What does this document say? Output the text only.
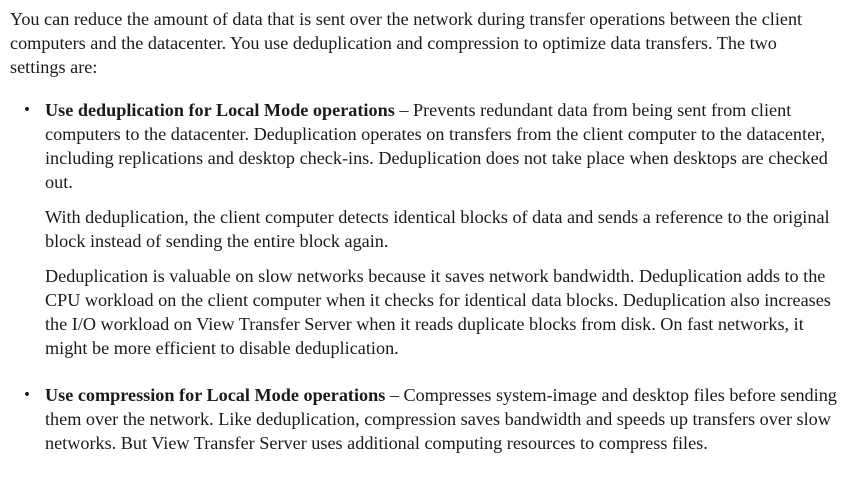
You can reduce the amount of data that is sent over the network during transfer operations between the client computers and the datacenter. You use deduplication and compression to optimize data transfers. The two settings are:

• Use deduplication for Local Mode operations – Prevents redundant data from being sent from client computers to the datacenter. Deduplication operates on transfers from the client computer to the datacenter, including replications and desktop check-ins. Deduplication does not take place when desktops are checked out.

With deduplication, the client computer detects identical blocks of data and sends a reference to the original block instead of sending the entire block again.

Deduplication is valuable on slow networks because it saves network bandwidth. Deduplication adds to the CPU workload on the client computer when it checks for identical data blocks. Deduplication also increases the I/O workload on View Transfer Server when it reads duplicate blocks from disk. On fast networks, it might be more efficient to disable deduplication.

• Use compression for Local Mode operations – Compresses system-image and desktop files before sending them over the network. Like deduplication, compression saves bandwidth and speeds up transfers over slow networks. But View Transfer Server uses additional computing resources to compress files.
